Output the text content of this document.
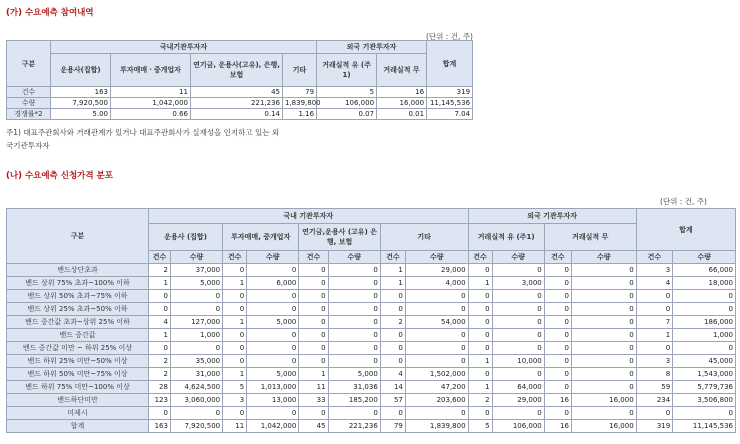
(가) 수요예측 참여내역
(단위 : 건, 주)
구분	국내기관투자자				외국 기관투자자		합계
	운용사(집합)	투자매매ㆍ중개업자	연기금, 운용사(고유), 은행, 보험	기타	거래실적 유 (주1)	거래실적 무	
건수	163	11	45	79	5	16	319
수량	7,920,500	1,042,000	221,236	1,839,800	106,000	16,000	11,145,536
경쟁률*2	5.00	0.66	0.14	1.16	0.07	0.01	7.04
주1) 대표주관회사와 거래관계가 있거나 대표주관회사가 실재성을 인지하고 있는 외
국기관투자자
(나) 수요예측 신청가격 분포
(단위 : 건, 주)
구분	국내 기관투자자								외국 기관투자자				합계	
	운용사 (집합)		투자매매, 중개업자		연기금,운용사 (고유) 은행, 보험		기타		거래실적 유 (주1)		거래실적 무			
	건수	수량	건수	수량	건수	수량	건수	수량	건수	수량	건수	수량	건수	수량
밴드상단초과	2	37,000	0	0	0	0	1	29,000	0	0	0	0	3	66,000
밴드 상위 75% 초과~100% 이하	1	5,000	1	6,000	0	0	1	4,000	1	3,000	0	0	4	18,000
밴드 상위 50% 초과~75% 이하	0	0	0	0	0	0	0	0	0	0	0	0	0	0
밴드 상위 25% 초과~50% 이하	0	0	0	0	0	0	0	0	0	0	0	0	0	0
밴드 중간값 초과~상위 25% 이하	4	127,000	1	5,000	0	0	2	54,000	0	0	0	0	7	186,000
밴드 중간값	1	1,000	0	0	0	0	0	0	0	0	0	0	1	1,000
밴드 중간값 미만 ~ 하위 25% 이상	0	0	0	0	0	0	0	0	0	0	0	0	0	0
밴드 하위 25% 미만~50% 이상	2	35,000	0	0	0	0	0	0	1	10,000	0	0	3	45,000
밴드 하위 50% 미만~75% 이상	2	31,000	1	5,000	1	5,000	4	1,502,000	0	0	0	0	8	1,543,000
밴드 하위 75% 미만~100% 이상	28	4,624,500	5	1,013,000	11	31,036	14	47,200	1	64,000	0	0	59	5,779,736
밴드하단미만	123	3,060,000	3	13,000	33	185,200	57	203,600	2	29,000	16	16,000	234	3,506,800
미제시	0	0	0	0	0	0	0	0	0	0	0	0	0	0
합계	163	7,920,500	11	1,042,000	45	221,236	79	1,839,800	5	106,000	16	16,000	319	11,145,536
